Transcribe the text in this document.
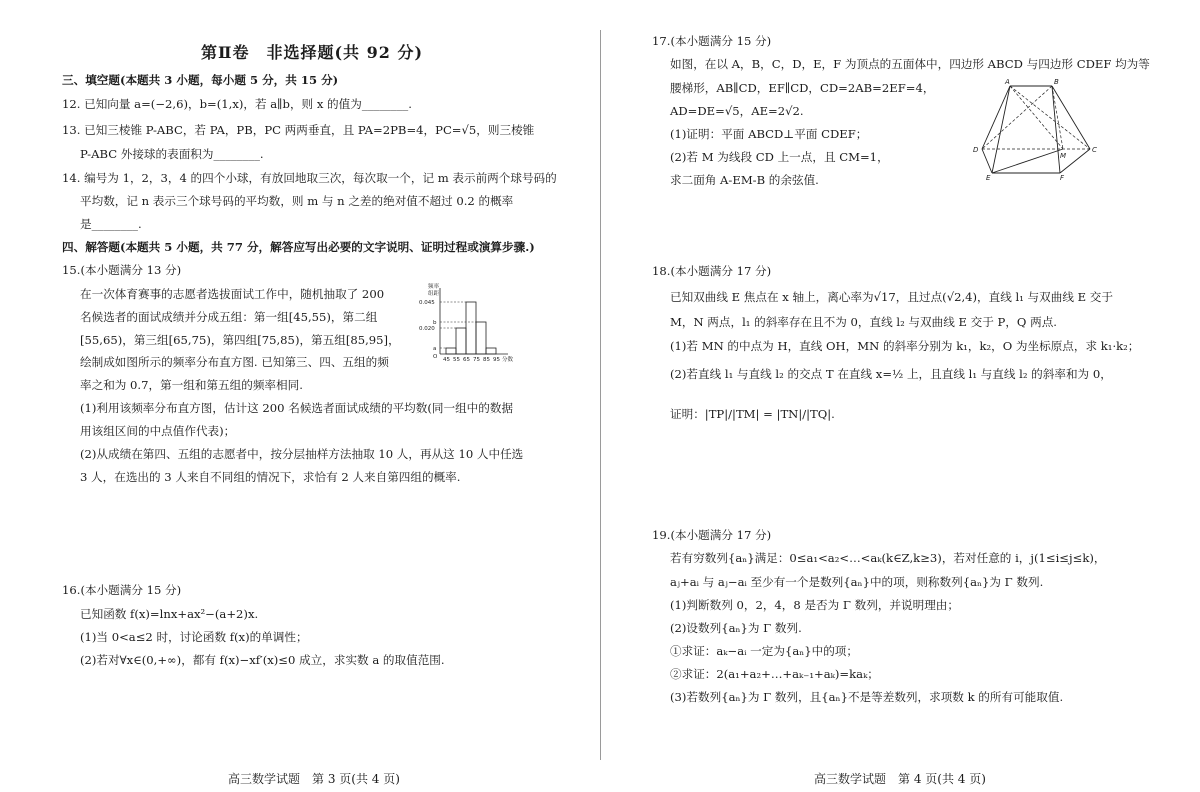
第Ⅱ卷　非选择题(共 92 分)
三、填空题(本题共 3 小题，每小题 5 分，共 15 分)
12. 已知向量 a=(−2,6)，b=(1,x)，若 a∥b，则 x 的值为________.
13. 已知三棱锥 P-ABC，若 PA，PB，PC 两两垂直，且 PA=2PB=4，PC=√5，则三棱锥
P-ABC 外接球的表面积为________.
14. 编号为 1，2，3，4 的四个小球，有放回地取三次，每次取一个，记 m 表示前两个球号码的
平均数，记 n 表示三个球号码的平均数，则 m 与 n 之差的绝对值不超过 0.2 的概率
是________.
四、解答题(本题共 5 小题，共 77 分，解答应写出必要的文字说明、证明过程或演算步骤.)
15.(本小题满分 13 分)
在一次体育赛事的志愿者选拔面试工作中，随机抽取了 200
名候选者的面试成绩并分成五组：第一组[45,55)，第二组
[55,65)，第三组[65,75)，第四组[75,85)，第五组[85,95]，
绘制成如图所示的频率分布直方图. 已知第三、四、五组的频
率之和为 0.7，第一组和第五组的频率相同.
频率
组距
0.045
b
0.020
a
O 45 55 65 75 85 95 分数
(1)利用该频率分布直方图，估计这 200 名候选者面试成绩的平均数(同一组中的数据
用该组区间的中点值作代表)；
(2)从成绩在第四、五组的志愿者中，按分层抽样方法抽取 10 人，再从这 10 人中任选
3 人，在选出的 3 人来自不同组的情况下，求恰有 2 人来自第四组的概率.
16.(本小题满分 15 分)
已知函数 f(x)=lnx+ax²−(a+2)x.
(1)当 0<a≤2 时，讨论函数 f(x)的单调性；
(2)若对∀x∈(0,+∞)，都有 f(x)−xf′(x)≤0 成立，求实数 a 的取值范围.
高三数学试题　第 3 页(共 4 页)
17.(本小题满分 15 分)
如图，在以 A，B，C，D，E，F 为顶点的五面体中，四边形 ABCD 与四边形 CDEF 均为等
腰梯形，AB∥CD，EF∥CD，CD=2AB=2EF=4，
AD=DE=√5，AE=2√2.
(1)证明：平面 ABCD⊥平面 CDEF；
(2)若 M 为线段 CD 上一点，且 CM=1，
求二面角 A-EM-B 的余弦值.
A	B
C
D
E	F
M
18.(本小题满分 17 分)
已知双曲线 E 焦点在 x 轴上，离心率为√17，且过点(√2,4)，直线 l₁ 与双曲线 E 交于
M，N 两点，l₁ 的斜率存在且不为 0，直线 l₂ 与双曲线 E 交于 P，Q 两点.
(1)若 MN 的中点为 H，直线 OH，MN 的斜率分别为 k₁，k₂，O 为坐标原点，求 k₁·k₂；
(2)若直线 l₁ 与直线 l₂ 的交点 T 在直线 x=½ 上，且直线 l₁ 与直线 l₂ 的斜率和为 0，
证明：|TP|/|TM| = |TN|/|TQ|.
19.(本小题满分 17 分)
若有穷数列{aₙ}满足：0≤a₁<a₂<…<aₖ(k∈Z,k≥3)，若对任意的 i，j(1≤i≤j≤k)，
aⱼ+aᵢ 与 aⱼ−aᵢ 至少有一个是数列{aₙ}中的项，则称数列{aₙ}为 Γ 数列.
(1)判断数列 0，2，4，8 是否为 Γ 数列，并说明理由；
(2)设数列{aₙ}为 Γ 数列.
①求证：aₖ−aᵢ 一定为{aₙ}中的项；
②求证：2(a₁+a₂+…+aₖ₋₁+aₖ)=kaₖ；
(3)若数列{aₙ}为 Γ 数列，且{aₙ}不是等差数列，求项数 k 的所有可能取值.
高三数学试题　第 4 页(共 4 页)
